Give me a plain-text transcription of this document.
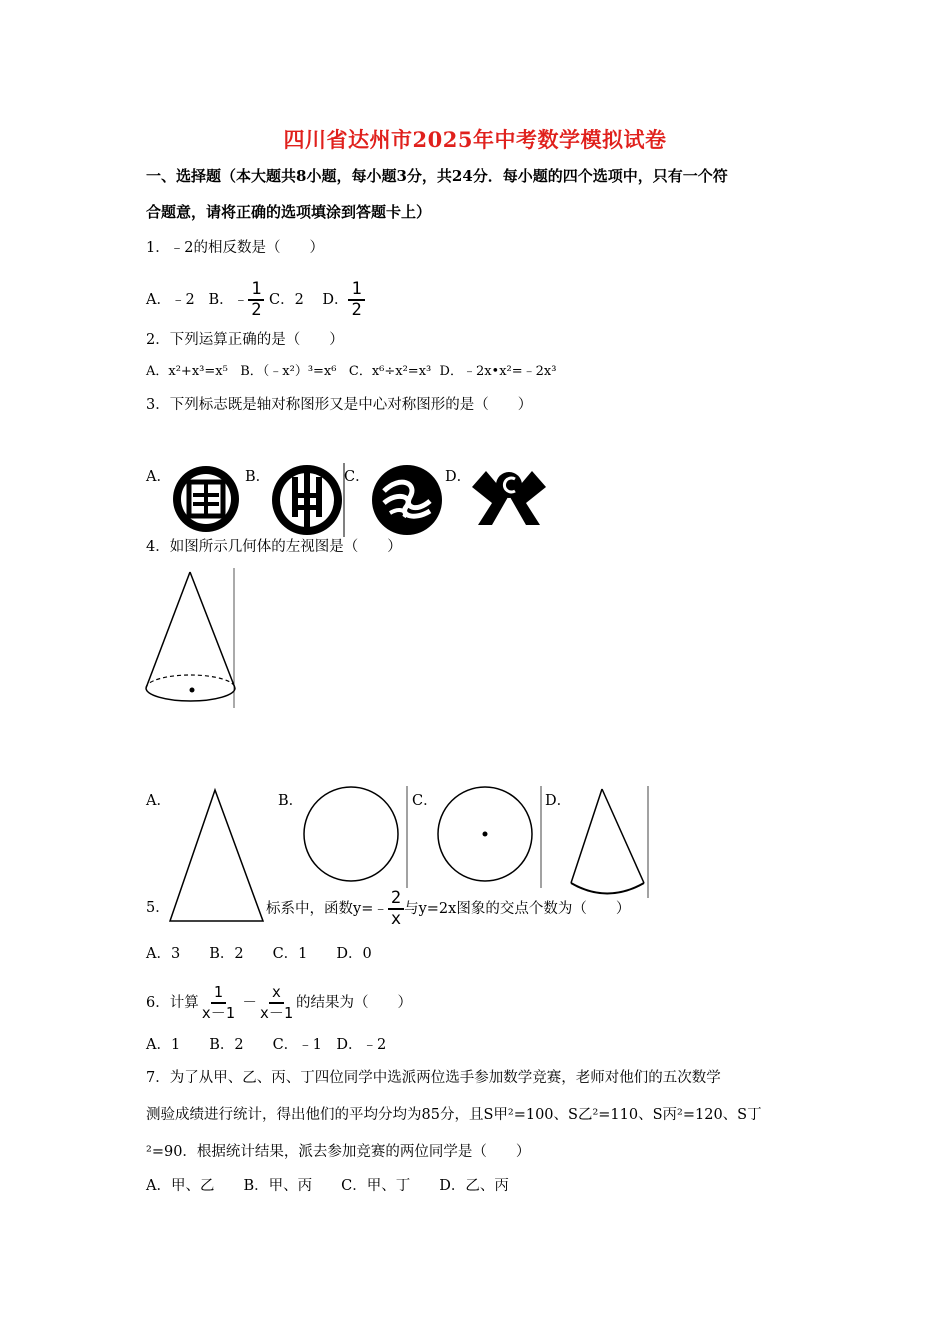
四川省达州市2025年中考数学模拟试卷
一、选择题（本大题共8小题，每小题3分，共24分．每小题的四个选项中，只有一个符
合题意，请将正确的选项填涂到答题卡上）
1．﹣2的相反数是（　　）
A．﹣2 B．﹣ $\frac{1}{2}$ C．2 D． $\frac{1}{2}$
2．下列运算正确的是（　　）
A．x²+x³=x⁵ B．（﹣x²）³=x⁶ C．x⁶÷x²=x³ D．﹣2x•x²=﹣2x³
3．下列标志既是轴对称图形又是中心对称图形的是（　　）
A．	B．	C．	D．
4．如图所示几何体的左视图是（　　）
A．	B．	C．	D．
5．	标系中，函数y=﹣ $\frac{2}{x}$ 与y=2x图象的交点个数为（　　）
A．3　　B．2　　C．1　　D．0
6．计算 $\frac{1}{x-1} - \frac{x}{x-1}$ 的结果为（　　）
A．1　　B．2　　C．﹣1　D．﹣2
7．为了从甲、乙、丙、丁四位同学中选派两位选手参加数学竞赛，老师对他们的五次数学
测验成绩进行统计，得出他们的平均分均为85分，且S甲²=100、S乙²=110、S丙²=120、S丁
²=90．根据统计结果，派去参加竞赛的两位同学是（　　）
A．甲、乙　　B．甲、丙　　C．甲、丁　　D．乙、丙
